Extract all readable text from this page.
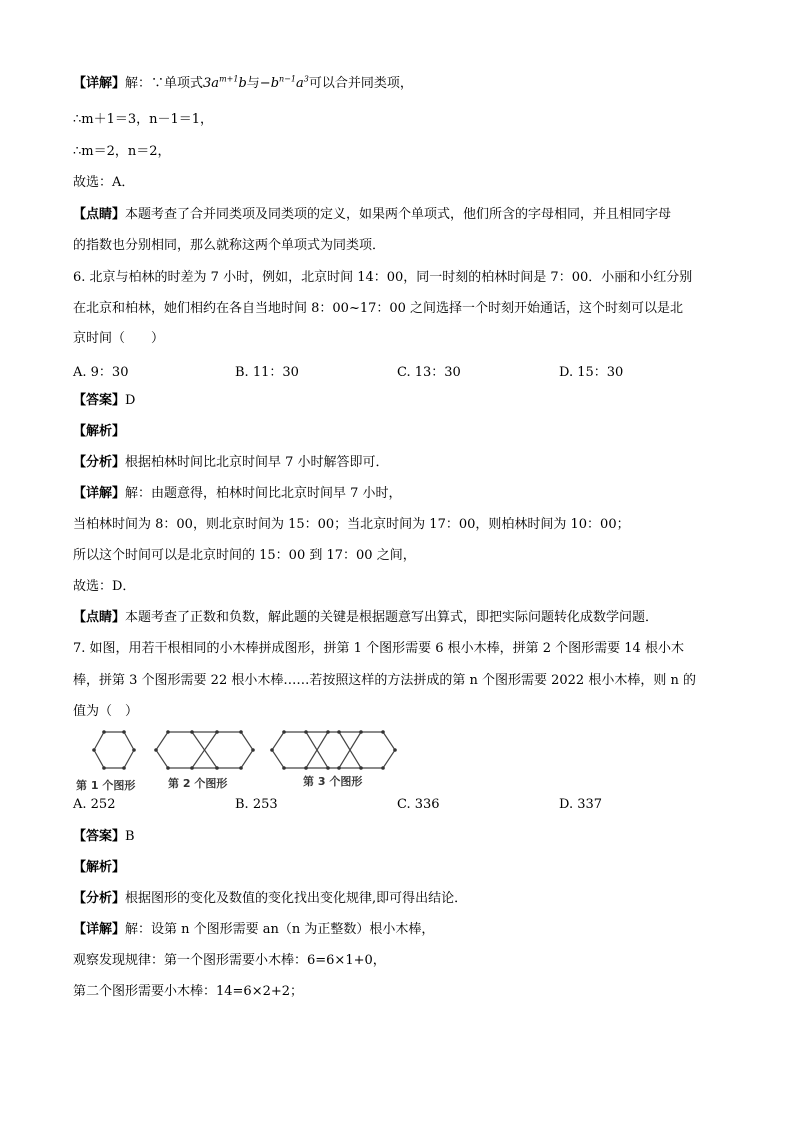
【详解】解：∵单项式$3a^{m+1}b$与$-b^{n-1}a^3$可以合并同类项，
∴m＋1＝3，n－1＝1，
∴m＝2，n＝2，
故选：A．
【点睛】本题考查了合并同类项及同类项的定义，如果两个单项式，他们所含的字母相同，并且相同字母
的指数也分别相同，那么就称这两个单项式为同类项．
6. 北京与柏林的时差为 7 小时，例如，北京时间 14：00，同一时刻的柏林时间是 7：00．小丽和小红分别
在北京和柏林，她们相约在各自当地时间 8：00~17：00 之间选择一个时刻开始通话，这个时刻可以是北
京时间（　　）
A. 9：30	B. 11：30	C. 13：30	D. 15：30
【答案】D
【解析】
【分析】根据柏林时间比北京时间早 7 小时解答即可．
【详解】解：由题意得，柏林时间比北京时间早 7 小时，
当柏林时间为 8：00，则北京时间为 15：00；当北京时间为 17：00，则柏林时间为 10：00；
所以这个时间可以是北京时间的 15：00 到 17：00 之间，
故选：D．
【点睛】本题考查了正数和负数，解此题的关键是根据题意写出算式，即把实际问题转化成数学问题．
7. 如图，用若干根相同的小木棒拼成图形，拼第 1 个图形需要 6 根小木棒，拼第 2 个图形需要 14 根小木
棒，拼第 3 个图形需要 22 根小木棒……若按照这样的方法拼成的第 n 个图形需要 2022 根小木棒，则 n 的
值为（　）
第 1 个图形	第 2 个图形	第 3 个图形
A. 252	B. 253	C. 336	D. 337
【答案】B
【解析】
【分析】根据图形的变化及数值的变化找出变化规律,即可得出结论．
【详解】解：设第 n 个图形需要 an（n 为正整数）根小木棒，
观察发现规律：第一个图形需要小木棒：6=6×1+0，
第二个图形需要小木棒：14=6×2+2；
